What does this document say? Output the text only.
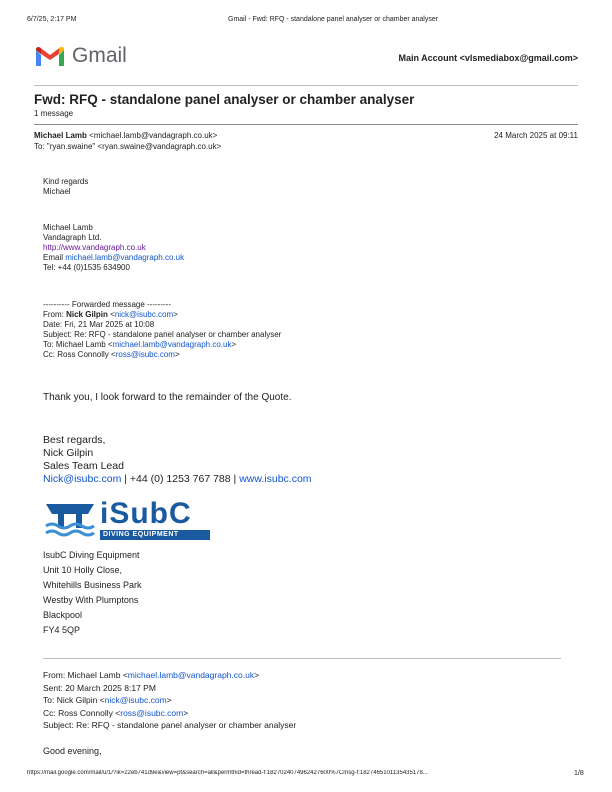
6/7/25, 2:17 PM	Gmail - Fwd: RFQ - standalone panel analyser or chamber analyser
Gmail	Main Account <vlsmediabox@gmail.com>
Fwd: RFQ - standalone panel analyser or chamber analyser
1 message
Michael Lamb <michael.lamb@vandagraph.co.uk>	24 March 2025 at 09:11
To: "ryan.swaine" <ryan.swaine@vandagraph.co.uk>
Kind regards
Michael
Michael Lamb
Vandagraph Ltd.
http://www.vandagraph.co.uk
Email michael.lamb@vandagraph.co.uk
Tel: +44 (0)1535 634900
---------- Forwarded message ---------
From: Nick Gilpin <nick@isubc.com>
Date: Fri, 21 Mar 2025 at 10:08
Subject: Re: RFQ - standalone panel analyser or chamber analyser
To: Michael Lamb <michael.lamb@vandagraph.co.uk>
Cc: Ross Connolly <ross@isubc.com>
Thank you, I look forward to the remainder of the Quote.
Best regards,
Nick Gilpin
Sales Team Lead
Nick@isubc.com | +44 (0) 1253 767 788 | www.isubc.com
iSubC
DIVING EQUIPMENT
IsubC Diving Equipment
Unit 10 Holly Close,
Whitehills Business Park
Westby With Plumptons
Blackpool
FY4 5QP
From: Michael Lamb <michael.lamb@vandagraph.co.uk>
Sent: 20 March 2025 8:17 PM
To: Nick Gilpin <nick@isubc.com>
Cc: Ross Connolly <ross@isubc.com>
Subject: Re: RFQ - standalone panel analyser or chamber analyser
Good evening,
https://mail.google.com/mail/u/1/?ik=22eb741d9e&view=pt&search=all&permthid=thread-f:1827024074962427600%7Cmsg-f:1827465101135435178...	1/8
